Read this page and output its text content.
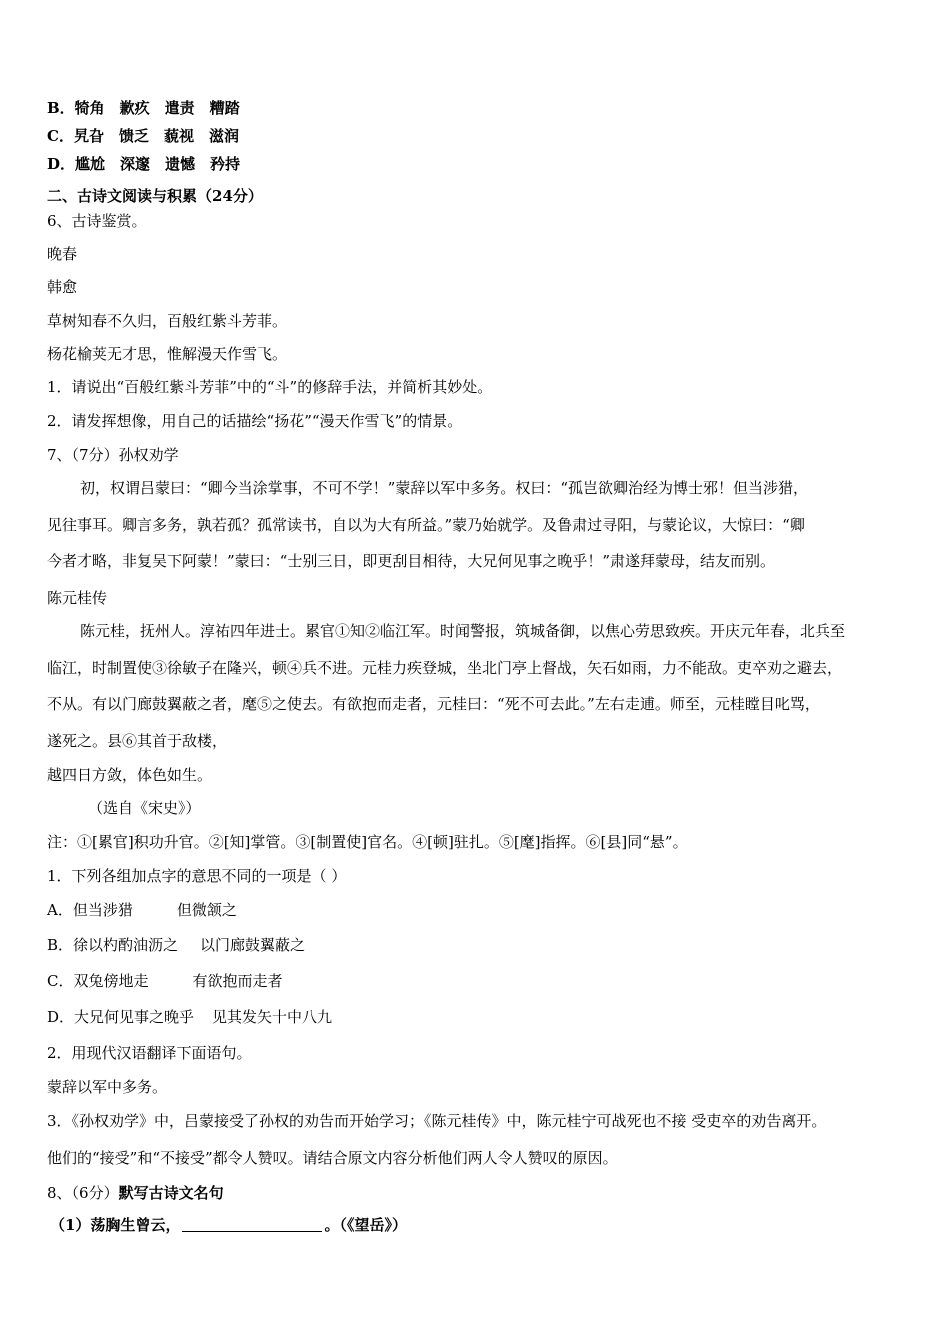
B．犄角　歉疚　遣责　糟踏
C．旯旮　馈乏　藐视　滋润
D．尴尬　深邃　遗憾　矜持
二、古诗文阅读与积累（24分）
6、古诗鉴赏。
晚春
韩愈
草树知春不久归，百般红紫斗芳菲。
杨花榆荚无才思，惟解漫天作雪飞。
1．请说出“百般红紫斗芳菲”中的“斗”的修辞手法，并简析其妙处。
2．请发挥想像，用自己的话描绘“扬花”“漫天作雪飞”的情景。
7、（7分）孙权劝学
初，权谓吕蒙曰：“卿今当涂掌事，不可不学！”蒙辞以军中多务。权曰：“孤岂欲卿治经为博士邪！但当涉猎，
见往事耳。卿言多务，孰若孤？孤常读书，自以为大有所益。”蒙乃始就学。及鲁肃过寻阳，与蒙论议，大惊曰：“卿
今者才略，非复吴下阿蒙！”蒙曰：“士别三日，即更刮目相待，大兄何见事之晚乎！”肃遂拜蒙母，结友而别。
陈元桂传
陈元桂，抚州人。淳祐四年进士。累官①知②临江军。时闻警报，筑城备御，以焦心劳思致疾。开庆元年春，北兵至
临江，时制置使③徐敏子在隆兴，顿④兵不进。元桂力疾登城，坐北门亭上督战，矢石如雨，力不能敌。吏卒劝之避去，
不从。有以门廊鼓翼蔽之者，麾⑤之使去。有欲抱而走者，元桂曰：“死不可去此。”左右走逋。师至，元桂瞠目叱骂，
遂死之。县⑥其首于敌楼，
越四日方敛，体色如生。
（选自《宋史》）
注：①[累官]积功升官。②[知]掌管。③[制置使]官名。④[顿]驻扎。⑤[麾]指挥。⑥[县]同“悬”。
1．下列各组加点字的意思不同的一项是（ ）
A．但当涉猎	但微颔之
B．徐以杓酌油沥之 以门廊鼓翼蔽之
C．双兔傍地走	有欲抱而走者
D．大兄何见事之晚乎 见其发矢十中八九
2．用现代汉语翻译下面语句。
蒙辞以军中多务。
3．《孙权劝学》中，吕蒙接受了孙权的劝告而开始学习；《陈元桂传》中，陈元桂宁可战死也不接 受吏卒的劝告离开。
他们的“接受”和“不接受”都令人赞叹。请结合原文内容分析他们两人令人赞叹的原因。
8、（6分）默写古诗文名句
（1）荡胸生曾云，	。（《望岳》）
